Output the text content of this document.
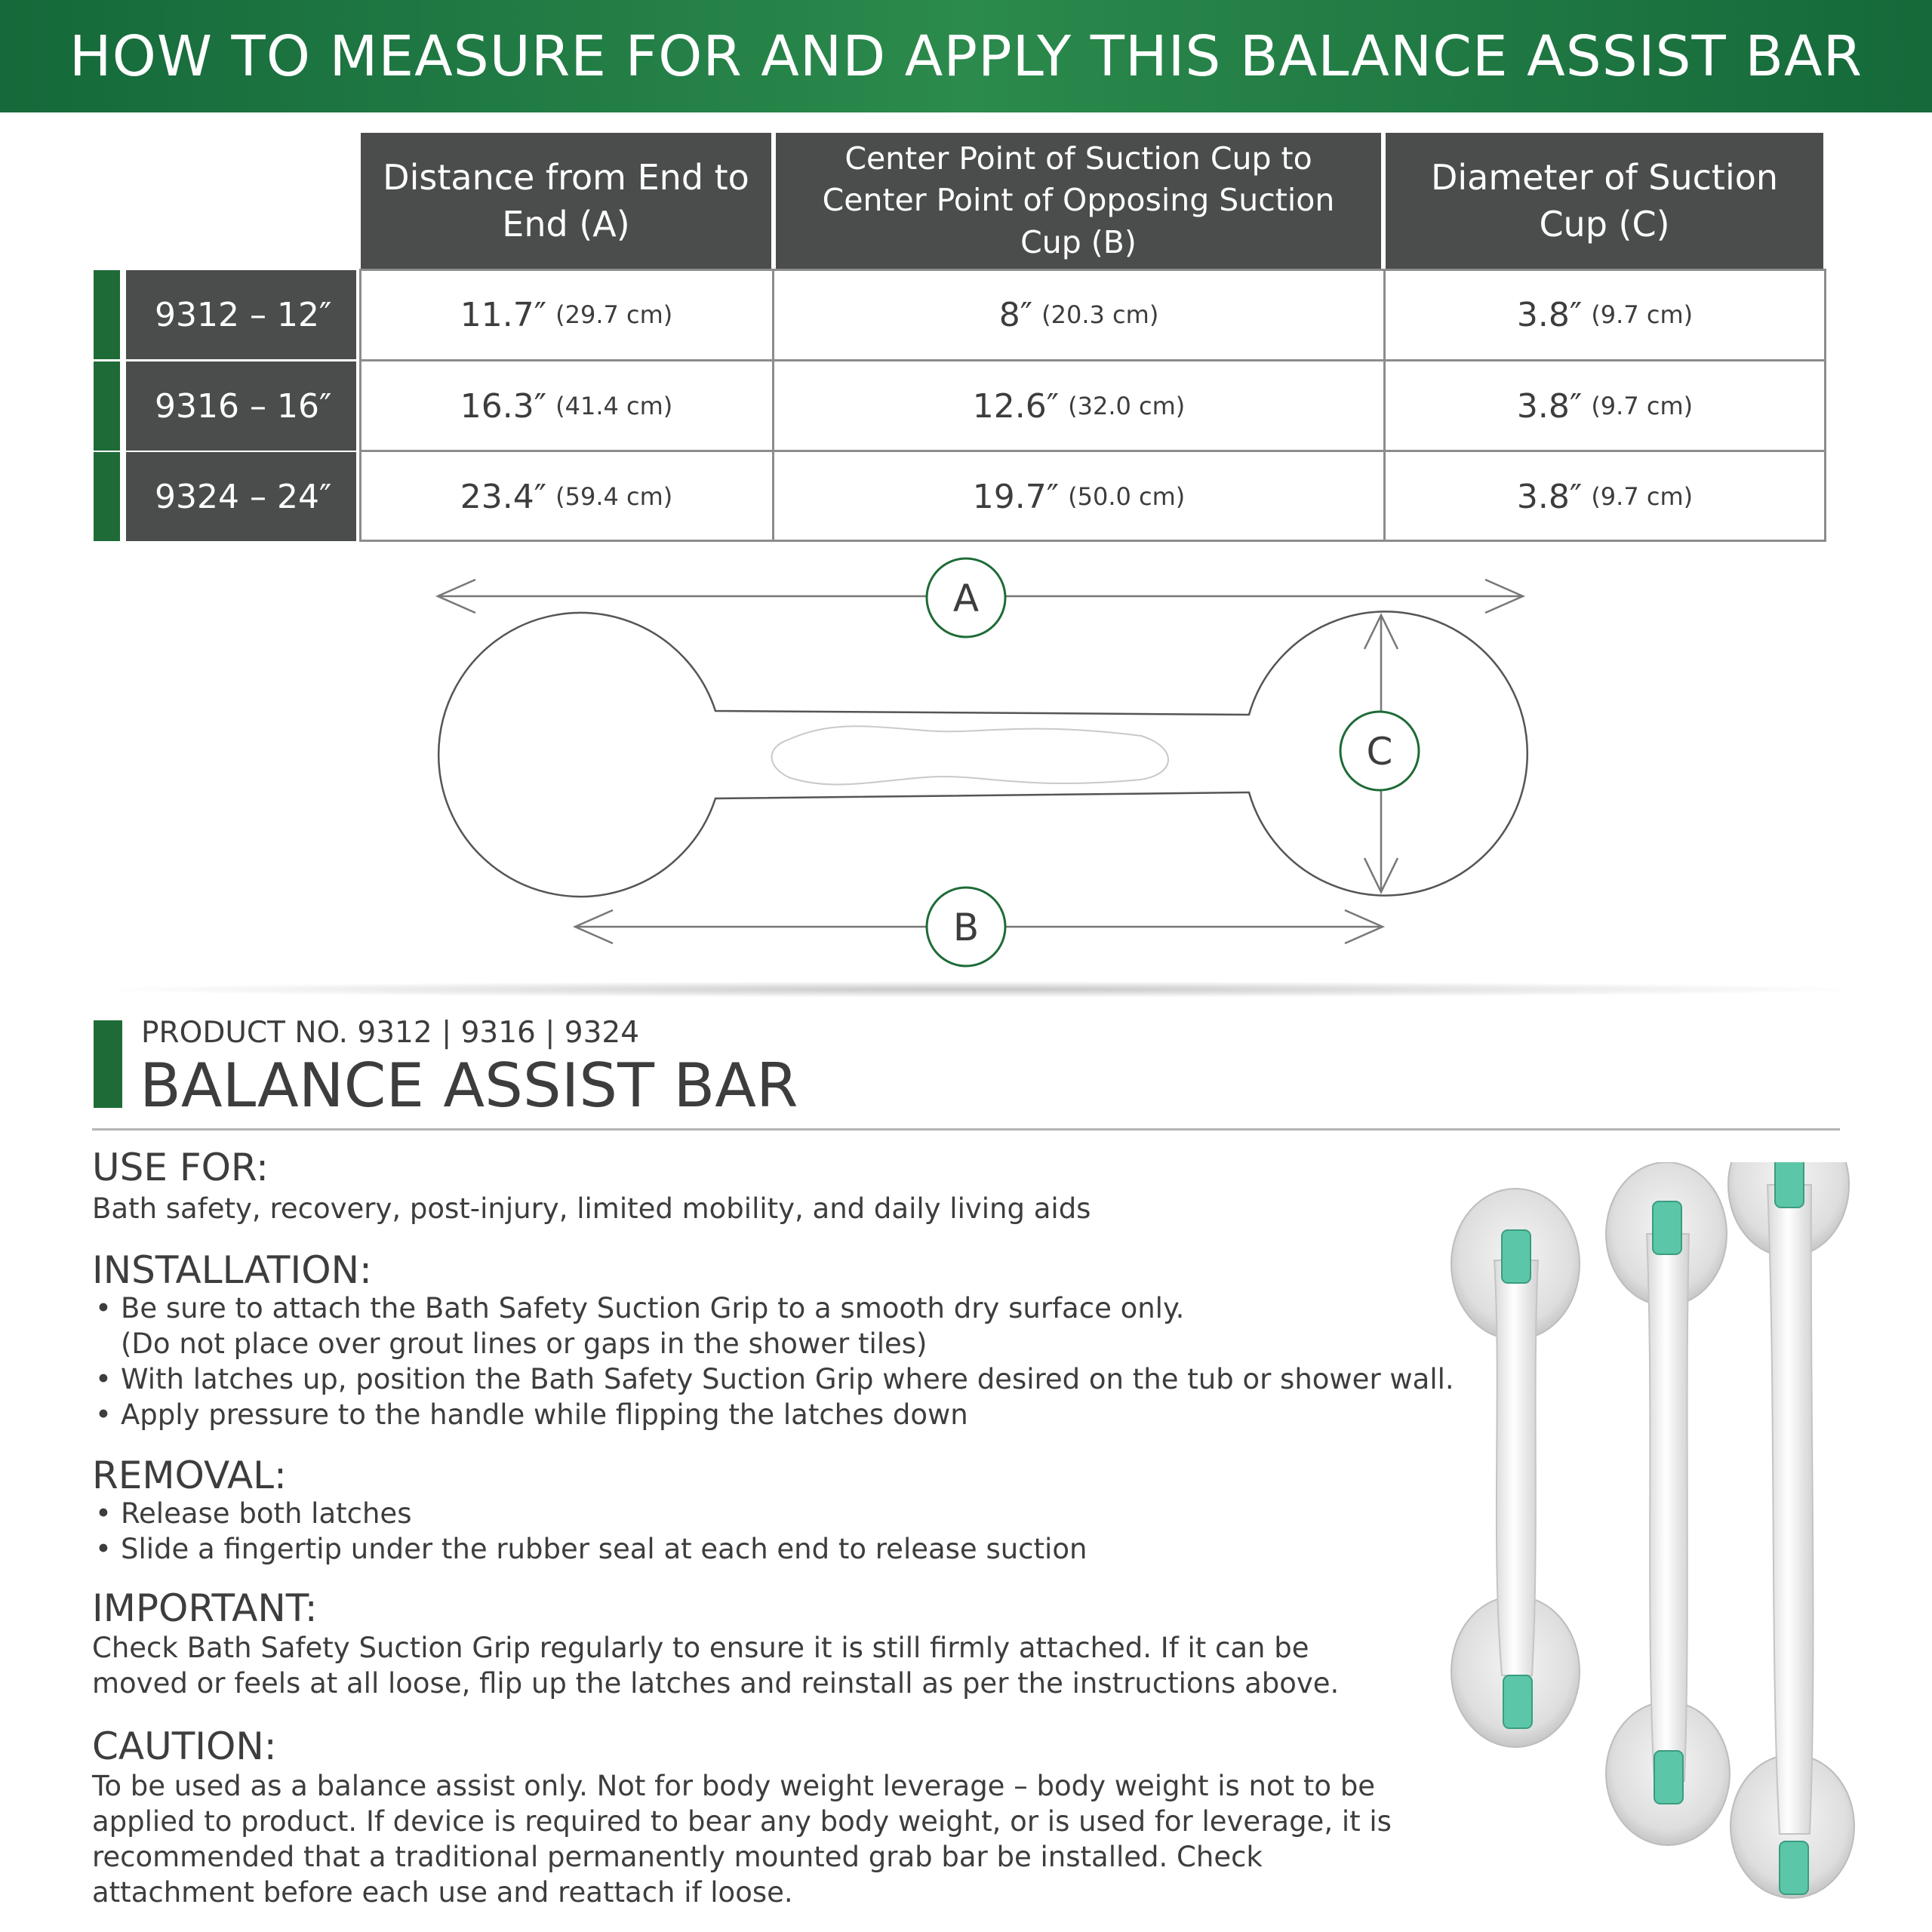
HOW TO MEASURE FOR AND APPLY THIS BALANCE ASSIST BAR
Distance from End to End (A)
Center Point of Suction Cup to Center Point of Opposing Suction Cup (B)
Diameter of Suction Cup (C)
9312 – 12″	11.7″ (29.7 cm)	8″ (20.3 cm)	3.8″ (9.7 cm)
9316 – 16″	16.3″ (41.4 cm)	12.6″ (32.0 cm)	3.8″ (9.7 cm)
9324 – 24″	23.4″ (59.4 cm)	19.7″ (50.0 cm)	3.8″ (9.7 cm)
A
B
C
PRODUCT NO. 9312 | 9316 | 9324
BALANCE ASSIST BAR
USE FOR:
Bath safety, recovery, post-injury, limited mobility, and daily living aids
INSTALLATION:
• Be sure to attach the Bath Safety Suction Grip to a smooth dry surface only.
(Do not place over grout lines or gaps in the shower tiles)
• With latches up, position the Bath Safety Suction Grip where desired on the tub or shower wall.
• Apply pressure to the handle while flipping the latches down
REMOVAL:
• Release both latches
• Slide a fingertip under the rubber seal at each end to release suction
IMPORTANT:
Check Bath Safety Suction Grip regularly to ensure it is still firmly attached. If it can be moved or feels at all loose, flip up the latches and reinstall as per the instructions above.
CAUTION:
To be used as a balance assist only. Not for body weight leverage – body weight is not to be applied to product. If device is required to bear any body weight, or is used for leverage, it is recommended that a traditional permanently mounted grab bar be installed. Check attachment before each use and reattach if loose.
